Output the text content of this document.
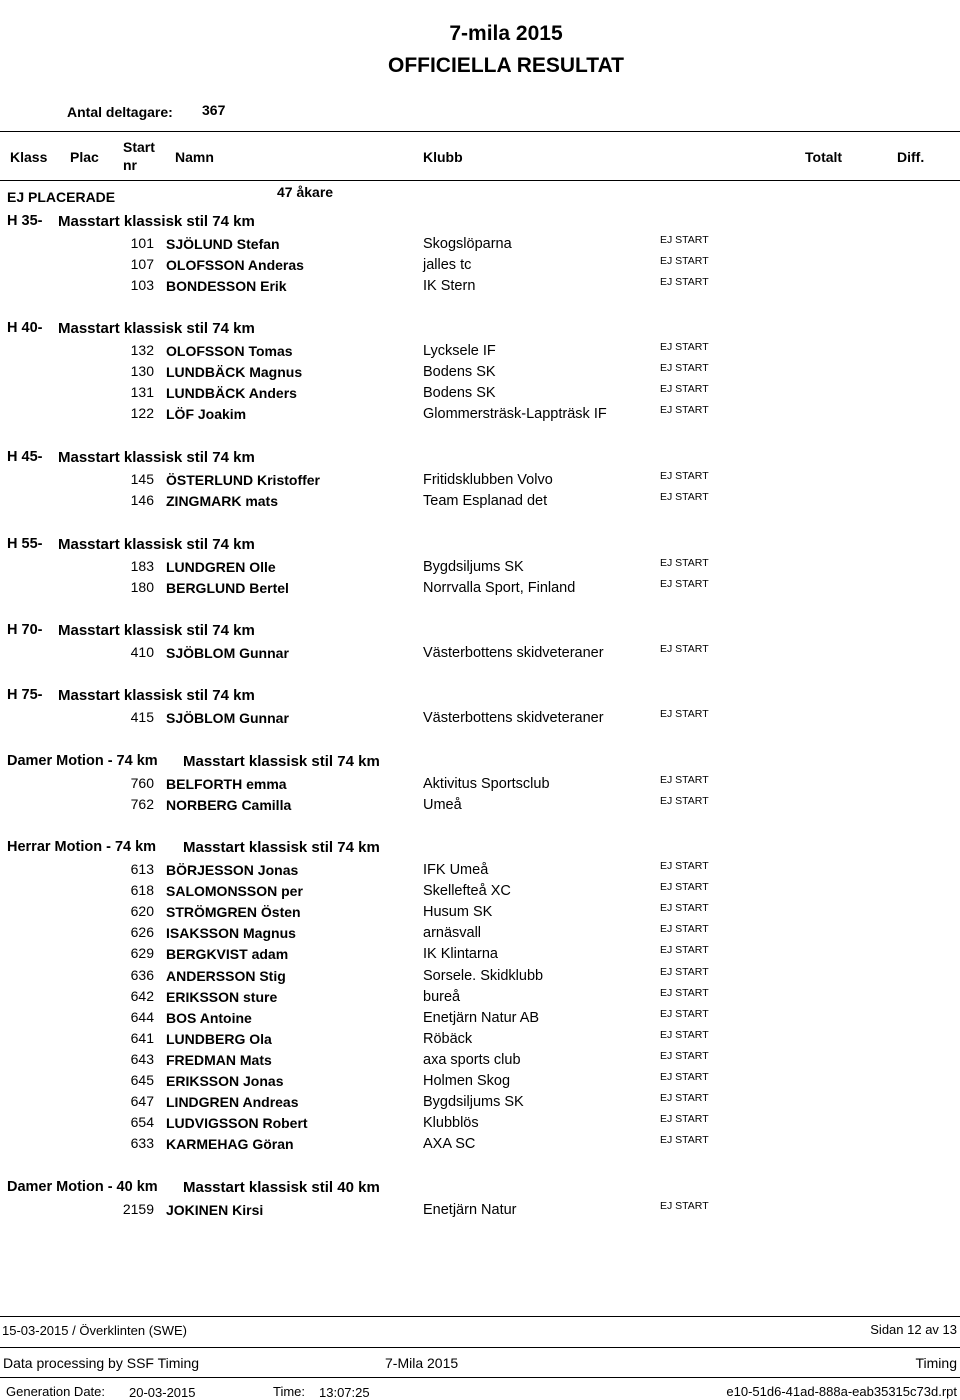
7-mila 2015
OFFICIELLA RESULTAT
Antal deltagare: 367
Klass Plac
Start
nr	Namn	Klubb	Totalt	Diff.
EJ PLACERADE	47 åkare
H 35- Masstart klassisk stil 74 km
101 SJÖLUND Stefan	Skogslöparna	EJ START
107 OLOFSSON Anderas	jalles tc	EJ START
103 BONDESSON Erik	IK Stern	EJ START
H 40- Masstart klassisk stil 74 km
132 OLOFSSON Tomas	Lycksele IF	EJ START
130 LUNDBÄCK Magnus	Bodens SK	EJ START
131 LUNDBÄCK Anders	Bodens SK	EJ START
122 LÖF Joakim	Glommersträsk-Lappträsk IF	EJ START
H 45- Masstart klassisk stil 74 km
145 ÖSTERLUND Kristoffer	Fritidsklubben Volvo	EJ START
146 ZINGMARK mats	Team Esplanad det	EJ START
H 55- Masstart klassisk stil 74 km
183 LUNDGREN Olle	Bygdsiljums SK	EJ START
180 BERGLUND Bertel	Norrvalla Sport, Finland	EJ START
H 70- Masstart klassisk stil 74 km
410 SJÖBLOM Gunnar	Västerbottens skidveteraner	EJ START
H 75- Masstart klassisk stil 74 km
415 SJÖBLOM Gunnar	Västerbottens skidveteraner	EJ START
Damer Motion - 74 km Masstart klassisk stil 74 km
760 BELFORTH emma	Aktivitus Sportsclub	EJ START
762 NORBERG Camilla	Umeå	EJ START
Herrar Motion - 74 km Masstart klassisk stil 74 km
613 BÖRJESSON Jonas	IFK Umeå	EJ START
618 SALOMONSSON per	Skellefteå XC	EJ START
620 STRÖMGREN Östen	Husum SK	EJ START
626 ISAKSSON Magnus	arnäsvall	EJ START
629 BERGKVIST adam	IK Klintarna	EJ START
636 ANDERSSON Stig	Sorsele. Skidklubb	EJ START
642 ERIKSSON sture	bureå	EJ START
644 BOS Antoine	Enetjärn Natur AB	EJ START
641 LUNDBERG Ola	Röbäck	EJ START
643 FREDMAN Mats	axa sports club	EJ START
645 ERIKSSON Jonas	Holmen Skog	EJ START
647 LINDGREN Andreas	Bygdsiljums SK	EJ START
654 LUDVIGSSON Robert	Klubblös	EJ START
633 KARMEHAG Göran	AXA SC	EJ START
Damer Motion - 40 km Masstart klassisk stil 40 km
2159 JOKINEN Kirsi	Enetjärn Natur	EJ START
15-03-2015 / Överklinten (SWE)	Sidan 12 av 13
Data processing by SSF Timing	7-Mila 2015	Timing
Generation Date: 20-03-2015	Time: 13:07:25	e10-51d6-41ad-888a-eab35315c73d.rpt
